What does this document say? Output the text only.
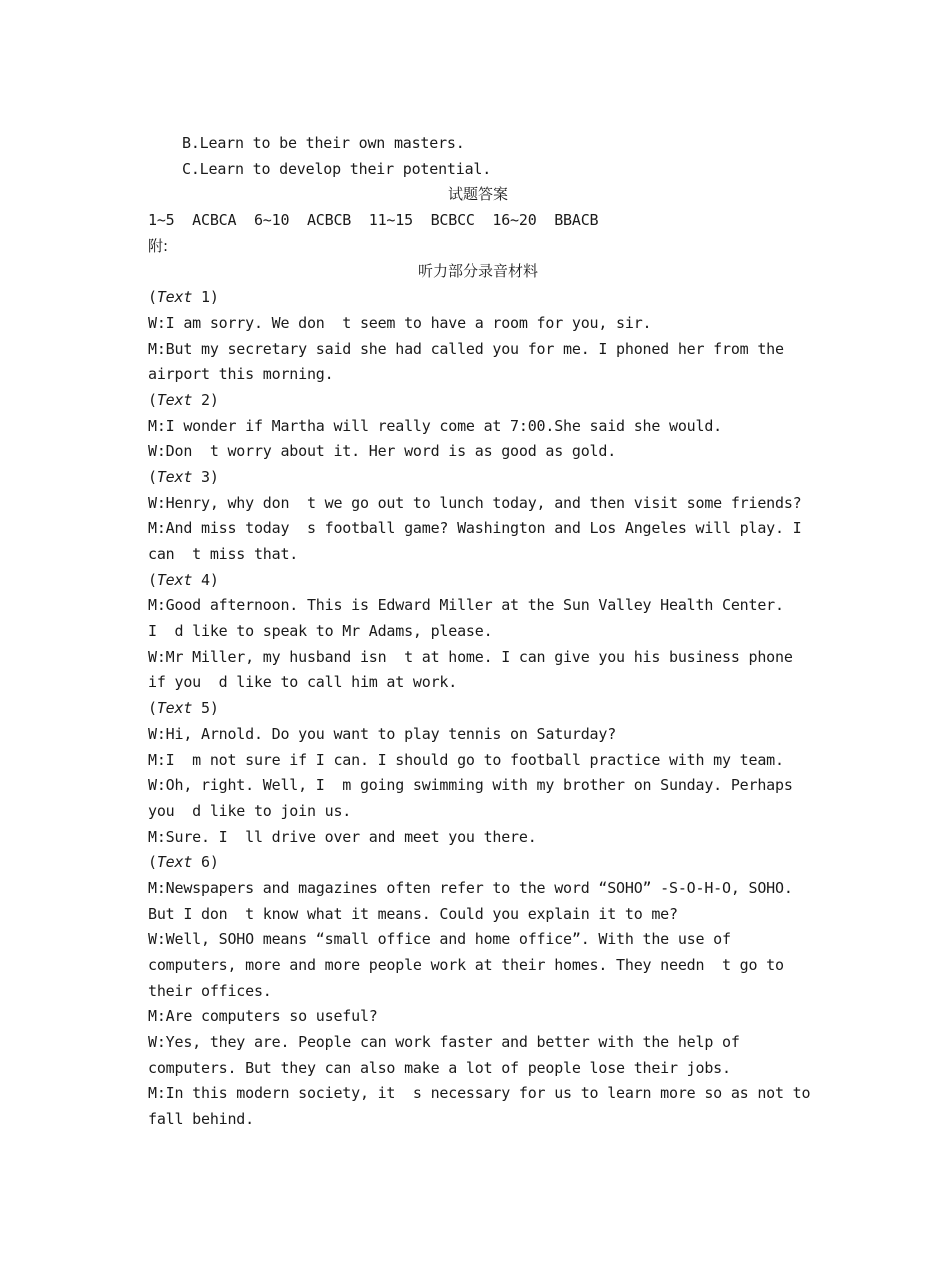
B.Learn to be their own masters.
C.Learn to develop their potential.
试题答案
1~5  ACBCA  6~10  ACBCB  11~15  BCBCC  16~20  BBACB
附:
听力部分录音材料
(Text 1)
W:I am sorry. We don  t seem to have a room for you, sir.
M:But my secretary said she had called you for me. I phoned her from the
airport this morning.
(Text 2)
M:I wonder if Martha will really come at 7:00.She said she would.
W:Don  t worry about it. Her word is as good as gold.
(Text 3)
W:Henry, why don  t we go out to lunch today, and then visit some friends?
M:And miss today  s football game? Washington and Los Angeles will play. I
can  t miss that.
(Text 4)
M:Good afternoon. This is Edward Miller at the Sun Valley Health Center.
I  d like to speak to Mr Adams, please.
W:Mr Miller, my husband isn  t at home. I can give you his business phone
if you  d like to call him at work.
(Text 5)
W:Hi, Arnold. Do you want to play tennis on Saturday?
M:I  m not sure if I can. I should go to football practice with my team.
W:Oh, right. Well, I  m going swimming with my brother on Sunday. Perhaps
you  d like to join us.
M:Sure. I  ll drive over and meet you there.
(Text 6)
M:Newspapers and magazines often refer to the word “SOHO” -S-O-H-O, SOHO.
But I don  t know what it means. Could you explain it to me?
W:Well, SOHO means “small office and home office”. With the use of
computers, more and more people work at their homes. They needn  t go to
their offices.
M:Are computers so useful?
W:Yes, they are. People can work faster and better with the help of
computers. But they can also make a lot of people lose their jobs.
M:In this modern society, it  s necessary for us to learn more so as not to
fall behind.
